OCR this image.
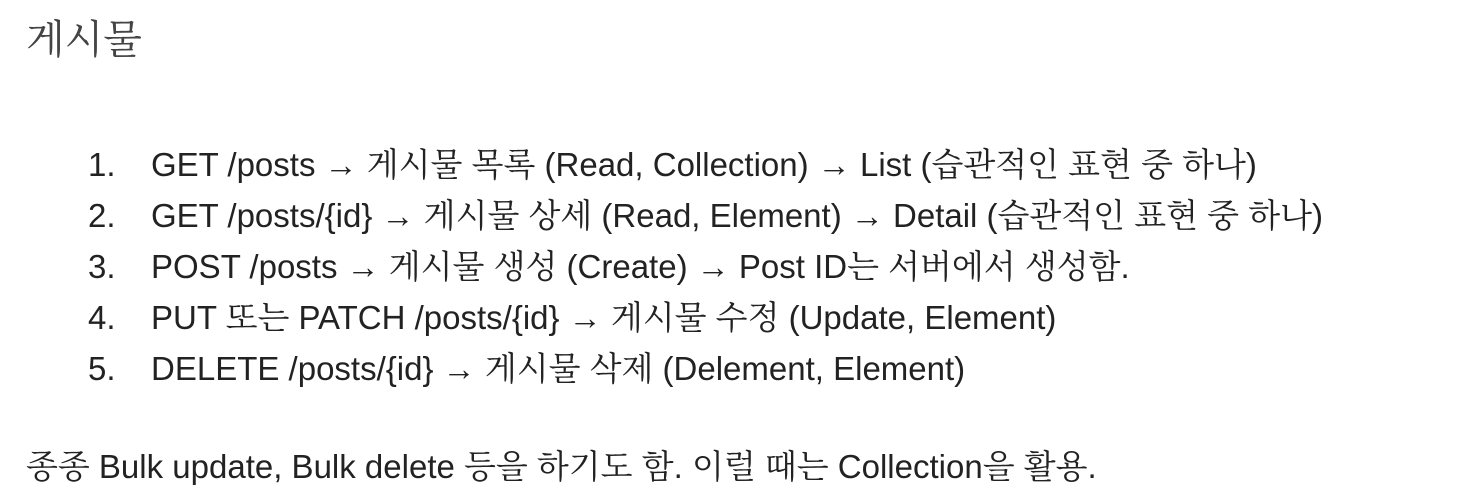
게시물
1.	GET /posts → 게시물 목록 (Read, Collection) → List (습관적인 표현 중 하나)
2.	GET /posts/{id} → 게시물 상세 (Read, Element) → Detail (습관적인 표현 중 하나)
3.	POST /posts → 게시물 생성 (Create) → Post ID는 서버에서 생성함.
4.	PUT 또는 PATCH /posts/{id} → 게시물 수정 (Update, Element)
5.	DELETE /posts/{id} → 게시물 삭제 (Delement, Element)
종종 Bulk update, Bulk delete 등을 하기도 함. 이럴 때는 Collection을 활용.
